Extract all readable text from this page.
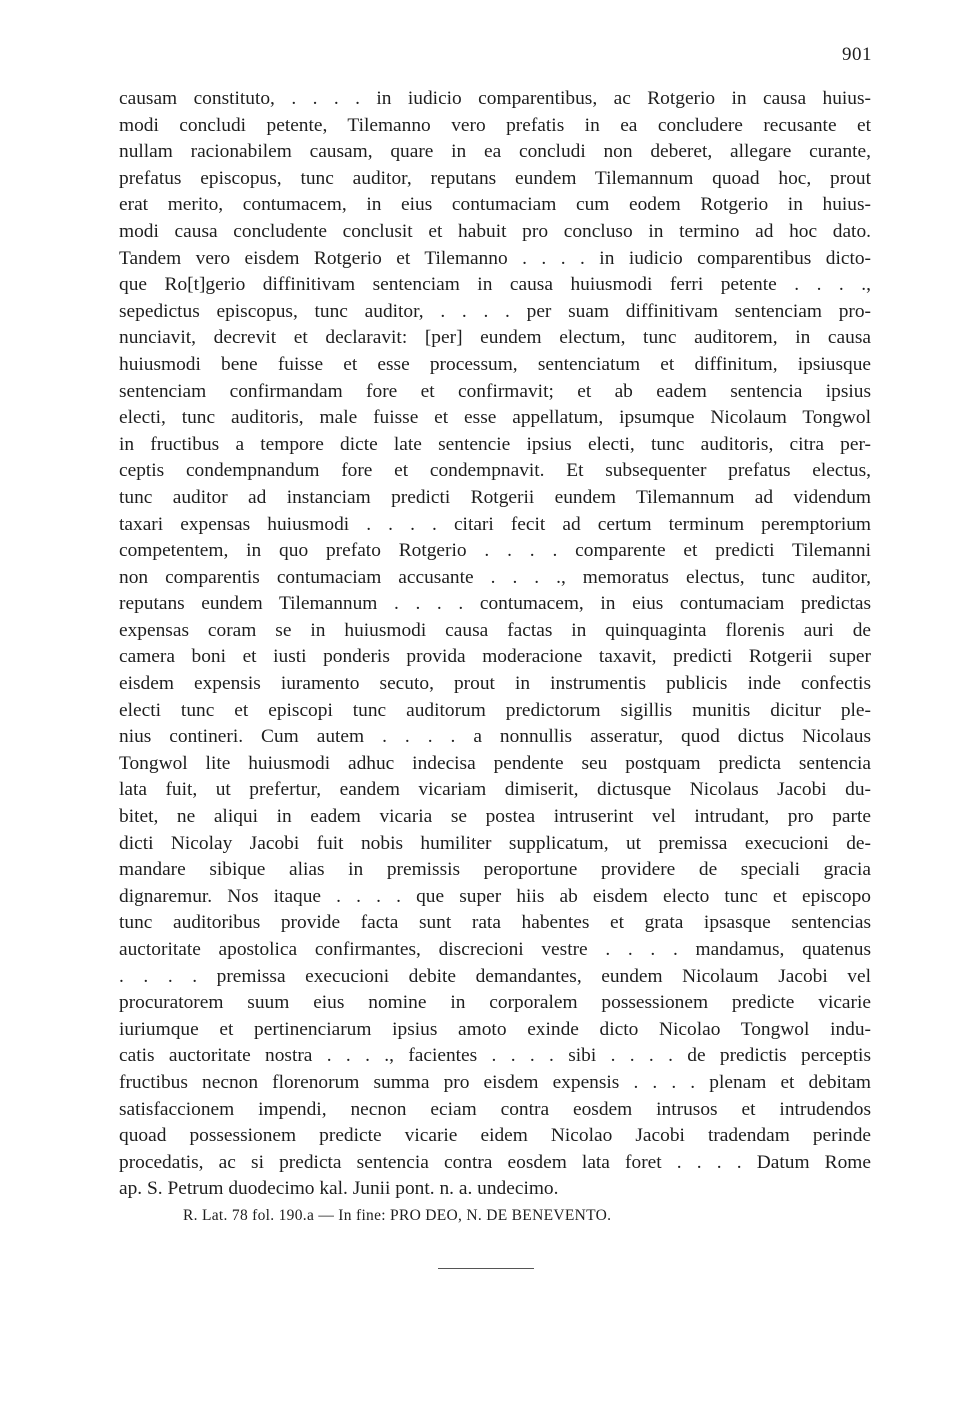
901
causam constituto, . . . . in iudicio comparentibus, ac Rotgerio in causa huius-
modi concludi petente, Tilemanno vero prefatis in ea concludere recusante et
nullam racionabilem causam, quare in ea concludi non deberet, allegare curante,
prefatus episcopus, tunc auditor, reputans eundem Tilemannum quoad hoc, prout
erat merito, contumacem, in eius contumaciam cum eodem Rotgerio in huius-
modi causa concludente conclusit et habuit pro concluso in termino ad hoc dato.
Tandem vero eisdem Rotgerio et Tilemanno . . . . in iudicio comparentibus dicto-
que Ro[t]gerio diffinitivam sentenciam in causa huiusmodi ferri petente . . . .,
sepedictus episcopus, tunc auditor, . . . . per suam diffinitivam sentenciam pro-
nunciavit, decrevit et declaravit: [per] eundem electum, tunc auditorem, in causa
huiusmodi bene fuisse et esse processum, sentenciatum et diffinitum, ipsiusque
sentenciam confirmandam fore et confirmavit; et ab eadem sentencia ipsius
electi, tunc auditoris, male fuisse et esse appellatum, ipsumque Nicolaum Tongwol
in fructibus a tempore dicte late sentencie ipsius electi, tunc auditoris, citra per-
ceptis condempnandum fore et condempnavit. Et subsequenter prefatus electus,
tunc auditor ad instanciam predicti Rotgerii eundem Tilemannum ad videndum
taxari expensas huiusmodi . . . . citari fecit ad certum terminum peremptorium
competentem, in quo prefato Rotgerio . . . . comparente et predicti Tilemanni
non comparentis contumaciam accusante . . . ., memoratus electus, tunc auditor,
reputans eundem Tilemannum . . . . contumacem, in eius contumaciam predictas
expensas coram se in huiusmodi causa factas in quinquaginta florenis auri de
camera boni et iusti ponderis provida moderacione taxavit, predicti Rotgerii super
eisdem expensis iuramento secuto, prout in instrumentis publicis inde confectis
electi tunc et episcopi tunc auditorum predictorum sigillis munitis dicitur ple-
nius contineri. Cum autem . . . . a nonnullis asseratur, quod dictus Nicolaus
Tongwol lite huiusmodi adhuc indecisa pendente seu postquam predicta sentencia
lata fuit, ut prefertur, eandem vicariam dimiserit, dictusque Nicolaus Jacobi du-
bitet, ne aliqui in eadem vicaria se postea intruserint vel intrudant, pro parte
dicti Nicolay Jacobi fuit nobis humiliter supplicatum, ut premissa execucioni de-
mandare sibique alias in premissis peroportune providere de speciali gracia
dignaremur. Nos itaque . . . . que super hiis ab eisdem electo tunc et episcopo
tunc auditoribus provide facta sunt rata habentes et grata ipsasque sentencias
auctoritate apostolica confirmantes, discrecioni vestre . . . . mandamus, quatenus
. . . . premissa execucioni debite demandantes, eundem Nicolaum Jacobi vel
procuratorem suum eius nomine in corporalem possessionem predicte vicarie
iuriumque et pertinenciarum ipsius amoto exinde dicto Nicolao Tongwol indu-
catis auctoritate nostra . . . ., facientes . . . . sibi . . . . de predictis perceptis
fructibus necnon florenorum summa pro eisdem expensis . . . . plenam et debitam
satisfaccionem impendi, necnon eciam contra eosdem intrusos et intrudendos
quoad possessionem predicte vicarie eidem Nicolao Jacobi tradendam perinde
procedatis, ac si predicta sentencia contra eosdem lata foret . . . . Datum Rome
ap. S. Petrum duodecimo kal. Junii pont. n. a. undecimo.
R. Lat. 78 fol. 190.a — In fine: PRO DEO, N. DE BENEVENTO.
